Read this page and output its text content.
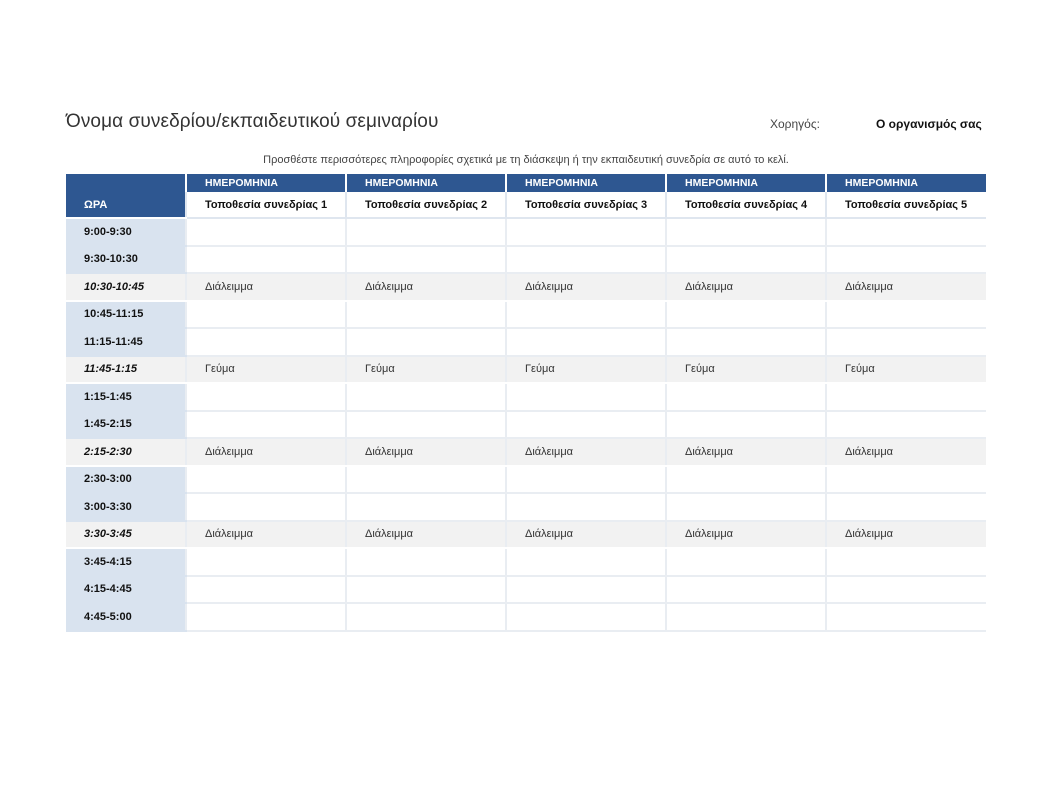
Όνομα συνεδρίου/εκπαιδευτικού σεμιναρίου	Χορηγός:	Ο οργανισμός σας
Προσθέστε περισσότερες πληροφορίες σχετικά με τη διάσκεψη ή την εκπαιδευτική συνεδρία σε αυτό το κελί.
	ΗΜΕΡΟΜΗΝΙΑ	ΗΜΕΡΟΜΗΝΙΑ	ΗΜΕΡΟΜΗΝΙΑ	ΗΜΕΡΟΜΗΝΙΑ	ΗΜΕΡΟΜΗΝΙΑ
ΩΡΑ	Τοποθεσία συνεδρίας 1	Τοποθεσία συνεδρίας 2	Τοποθεσία συνεδρίας 3	Τοποθεσία συνεδρίας 4	Τοποθεσία συνεδρίας 5
9:00-9:30					
9:30-10:30					
10:30-10:45	Διάλειμμα	Διάλειμμα	Διάλειμμα	Διάλειμμα	Διάλειμμα
10:45-11:15					
11:15-11:45					
11:45-1:15	Γεύμα	Γεύμα	Γεύμα	Γεύμα	Γεύμα
1:15-1:45					
1:45-2:15					
2:15-2:30	Διάλειμμα	Διάλειμμα	Διάλειμμα	Διάλειμμα	Διάλειμμα
2:30-3:00					
3:00-3:30					
3:30-3:45	Διάλειμμα	Διάλειμμα	Διάλειμμα	Διάλειμμα	Διάλειμμα
3:45-4:15					
4:15-4:45					
4:45-5:00					
